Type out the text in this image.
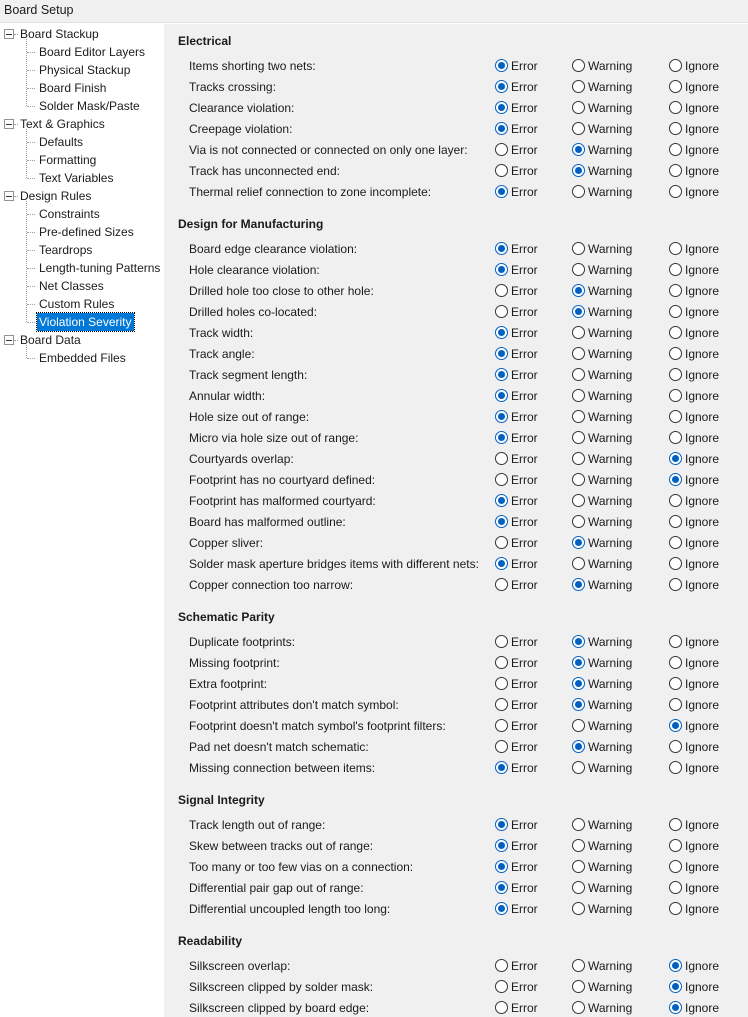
Board Setup
Board Stackup
Board Editor Layers
Physical Stackup
Board Finish
Solder Mask/Paste
Text & Graphics
Defaults
Formatting
Text Variables
Design Rules
Constraints
Pre-defined Sizes
Teardrops
Length-tuning Patterns
Net Classes
Custom Rules
Violation Severity
Board Data
Embedded Files
Electrical
Items shorting two nets:	Error	Warning	Ignore
Tracks crossing:	Error	Warning	Ignore
Clearance violation:	Error	Warning	Ignore
Creepage violation:	Error	Warning	Ignore
Via is not connected or connected on only one layer:	Error	Warning	Ignore
Track has unconnected end:	Error	Warning	Ignore
Thermal relief connection to zone incomplete:	Error	Warning	Ignore
Design for Manufacturing
Board edge clearance violation:	Error	Warning	Ignore
Hole clearance violation:	Error	Warning	Ignore
Drilled hole too close to other hole:	Error	Warning	Ignore
Drilled holes co-located:	Error	Warning	Ignore
Track width:	Error	Warning	Ignore
Track angle:	Error	Warning	Ignore
Track segment length:	Error	Warning	Ignore
Annular width:	Error	Warning	Ignore
Hole size out of range:	Error	Warning	Ignore
Micro via hole size out of range:	Error	Warning	Ignore
Courtyards overlap:	Error	Warning	Ignore
Footprint has no courtyard defined:	Error	Warning	Ignore
Footprint has malformed courtyard:	Error	Warning	Ignore
Board has malformed outline:	Error	Warning	Ignore
Copper sliver:	Error	Warning	Ignore
Solder mask aperture bridges items with different nets:	Error	Warning	Ignore
Copper connection too narrow:	Error	Warning	Ignore
Schematic Parity
Duplicate footprints:	Error	Warning	Ignore
Missing footprint:	Error	Warning	Ignore
Extra footprint:	Error	Warning	Ignore
Footprint attributes don't match symbol:	Error	Warning	Ignore
Footprint doesn't match symbol's footprint filters:	Error	Warning	Ignore
Pad net doesn't match schematic:	Error	Warning	Ignore
Missing connection between items:	Error	Warning	Ignore
Signal Integrity
Track length out of range:	Error	Warning	Ignore
Skew between tracks out of range:	Error	Warning	Ignore
Too many or too few vias on a connection:	Error	Warning	Ignore
Differential pair gap out of range:	Error	Warning	Ignore
Differential uncoupled length too long:	Error	Warning	Ignore
Readability
Silkscreen overlap:	Error	Warning	Ignore
Silkscreen clipped by solder mask:	Error	Warning	Ignore
Silkscreen clipped by board edge:	Error	Warning	Ignore
